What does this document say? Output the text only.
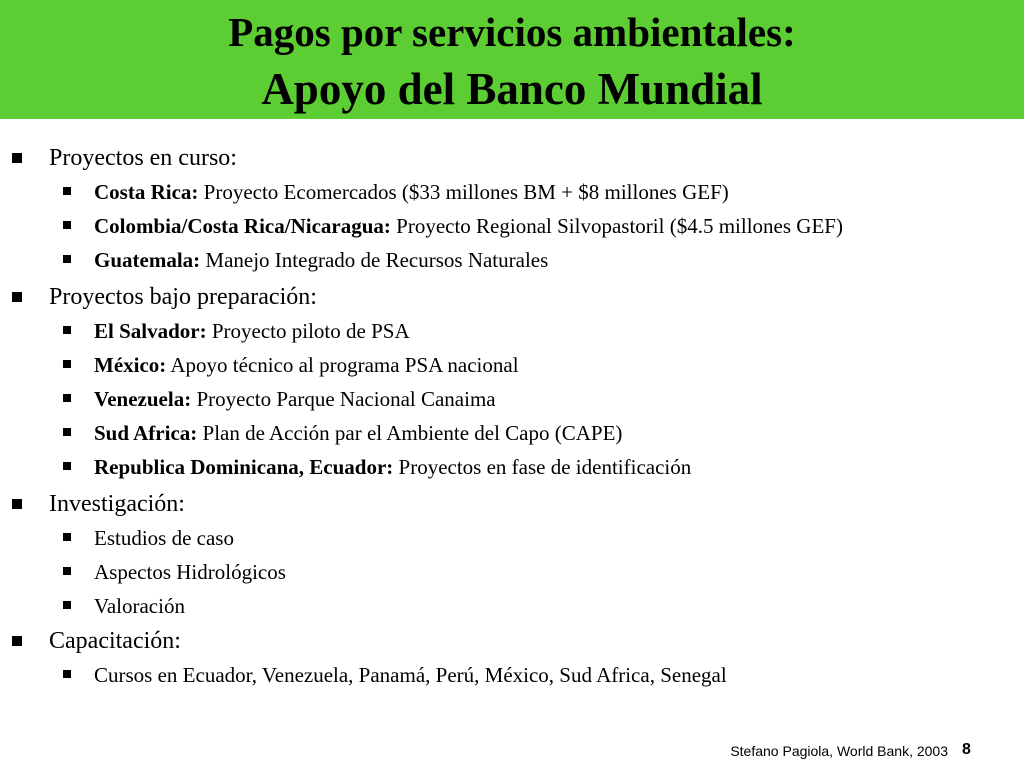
Pagos por servicios ambientales:
Apoyo del Banco Mundial
Proyectos en curso:
Costa Rica: Proyecto Ecomercados ($33 millones BM + $8 millones GEF)
Colombia/Costa Rica/Nicaragua: Proyecto Regional Silvopastoril ($4.5 millones GEF)
Guatemala: Manejo Integrado de Recursos Naturales
Proyectos bajo preparación:
El Salvador: Proyecto piloto de PSA
México: Apoyo técnico al programa PSA nacional
Venezuela: Proyecto Parque Nacional Canaima
Sud Africa: Plan de Acción par el Ambiente del Capo (CAPE)
Republica Dominicana, Ecuador: Proyectos en fase de identificación
Investigación:
Estudios de caso
Aspectos Hidrológicos
Valoración
Capacitación:
Cursos en Ecuador, Venezuela, Panamá, Perú, México, Sud Africa, Senegal
Stefano Pagiola, World Bank, 2003 8
